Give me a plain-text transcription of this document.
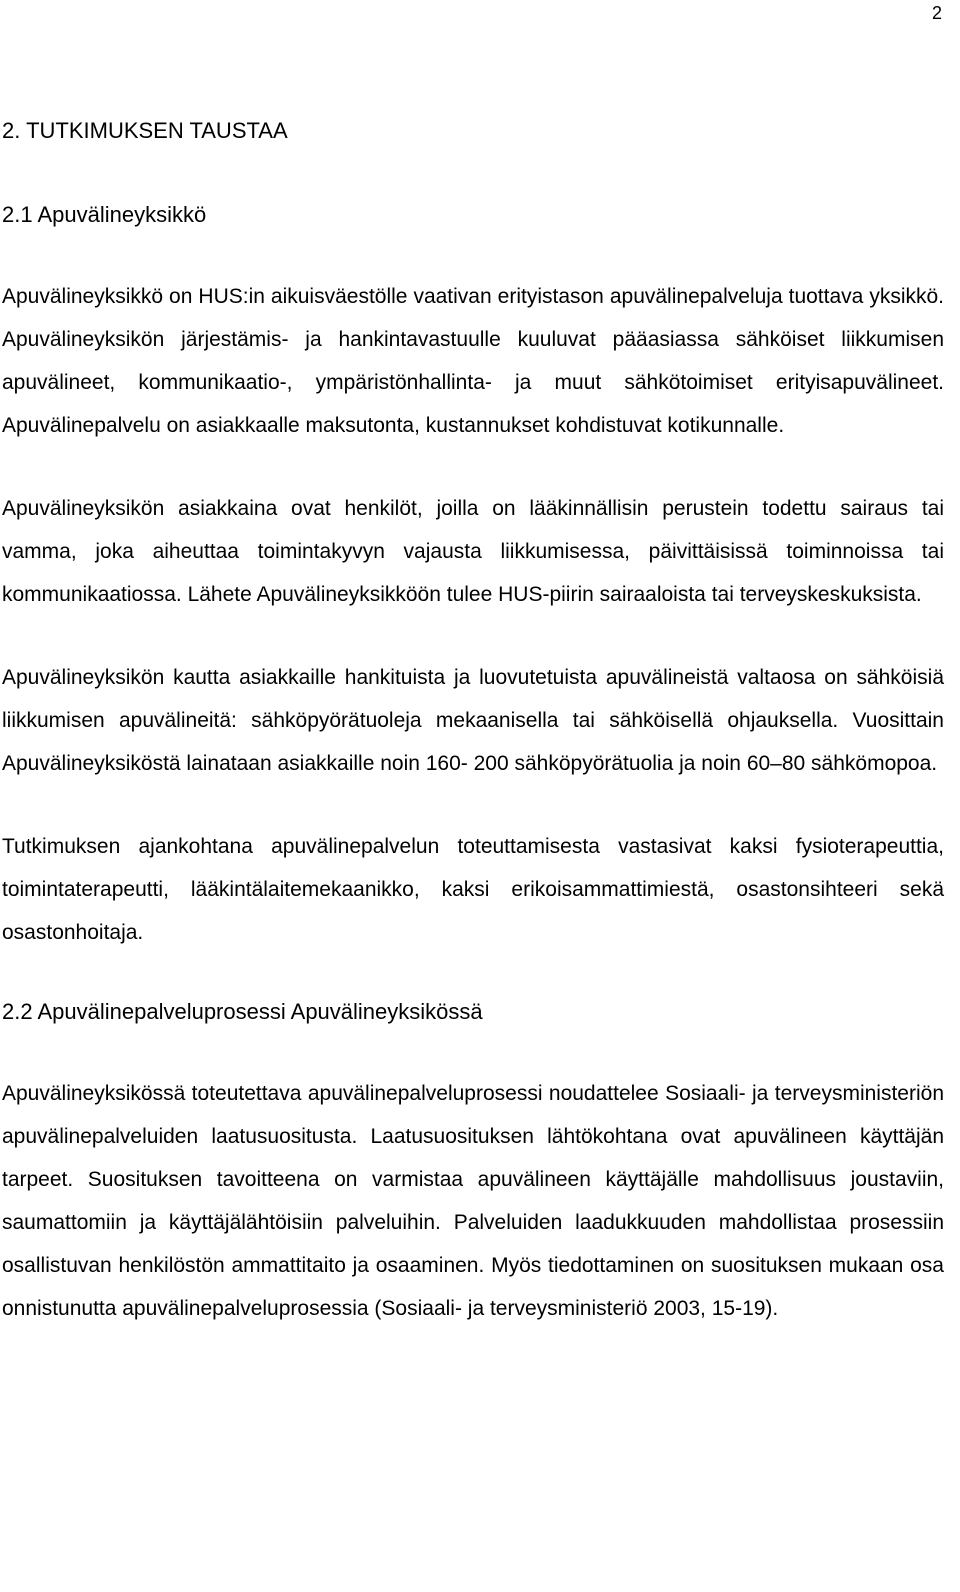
2
2. TUTKIMUKSEN TAUSTAA
2.1 Apuvälineyksikkö

Apuvälineyksikkö on HUS:in aikuisväestölle vaativan erityistason apuvälinepalveluja tuottava yksikkö. Apuvälineyksikön järjestämis- ja hankintavastuulle kuuluvat pääasiassa sähköiset liikkumisen apuvälineet, kommunikaatio-, ympäristönhallinta- ja muut sähkötoimiset erityisapuvälineet. Apuvälinepalvelu on asiakkaalle maksutonta, kustannukset kohdistuvat kotikunnalle.

Apuvälineyksikön asiakkaina ovat henkilöt, joilla on lääkinnällisin perustein todettu sairaus tai vamma, joka aiheuttaa toimintakyvyn vajausta liikkumisessa, päivittäisissä toiminnoissa tai kommunikaatiossa. Lähete Apuvälineyksikköön tulee HUS-piirin sairaaloista tai terveyskeskuksista.

Apuvälineyksikön kautta asiakkaille hankituista ja luovutetuista apuvälineistä valtaosa on sähköisiä liikkumisen apuvälineitä: sähköpyörätuoleja mekaanisella tai sähköisellä ohjauksella. Vuosittain Apuvälineyksiköstä lainataan asiakkaille noin 160- 200 sähköpyörätuolia ja noin 60–80 sähkömopoa.

Tutkimuksen ajankohtana apuvälinepalvelun toteuttamisesta vastasivat kaksi fysioterapeuttia, toimintaterapeutti, lääkintälaitemekaanikko, kaksi erikoisammattimiestä, osastonsihteeri sekä osastonhoitaja.

2.2 Apuvälinepalveluprosessi Apuvälineyksikössä

Apuvälineyksikössä toteutettava apuvälinepalveluprosessi noudattelee Sosiaali- ja terveysministeriön apuvälinepalveluiden laatusuositusta. Laatusuosituksen lähtökohtana ovat apuvälineen käyttäjän tarpeet. Suosituksen tavoitteena on varmistaa apuvälineen käyttäjälle mahdollisuus joustaviin, saumattomiin ja käyttäjälähtöisiin palveluihin. Palveluiden laadukkuuden mahdollistaa prosessiin osallistuvan henkilöstön ammattitaito ja osaaminen. Myös tiedottaminen on suosituksen mukaan osa onnistunutta apuvälinepalveluprosessia (Sosiaali- ja terveysministeriö 2003, 15-19).
